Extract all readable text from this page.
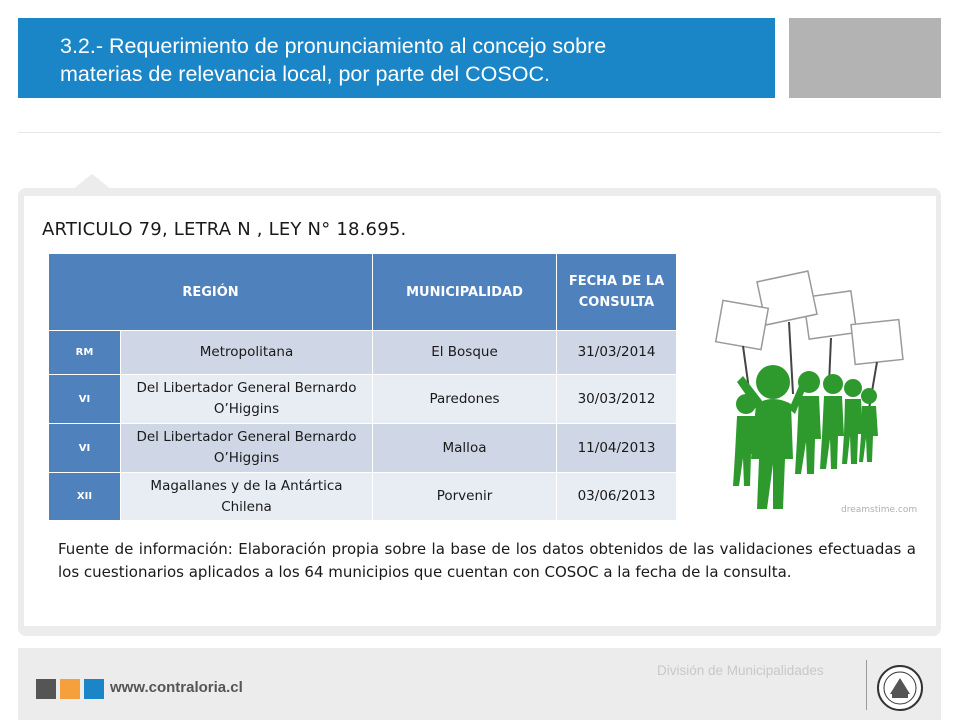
3.2.- Requerimiento de pronunciamiento al concejo sobre
materias de relevancia local, por parte del COSOC.
ARTICULO 79, LETRA N , LEY N° 18.695.
REGIÓN		MUNICIPALIDAD	FECHA DE LA CONSULTA
RM	Metropolitana	El Bosque	31/03/2014
VI	Del Libertador General Bernardo O’Higgins	Paredones	30/03/2012
VI	Del Libertador General Bernardo O’Higgins	Malloa	11/04/2013
XII	Magallanes y de la Antártica Chilena	Porvenir	03/06/2013
dreamstime.com
Fuente de información: Elaboración propia sobre la base de los datos obtenidos de las validaciones efectuadas a los cuestionarios aplicados a los 64 municipios que cuentan con COSOC a la fecha de la consulta.
www.contraloria.cl
División de Municipalidades
